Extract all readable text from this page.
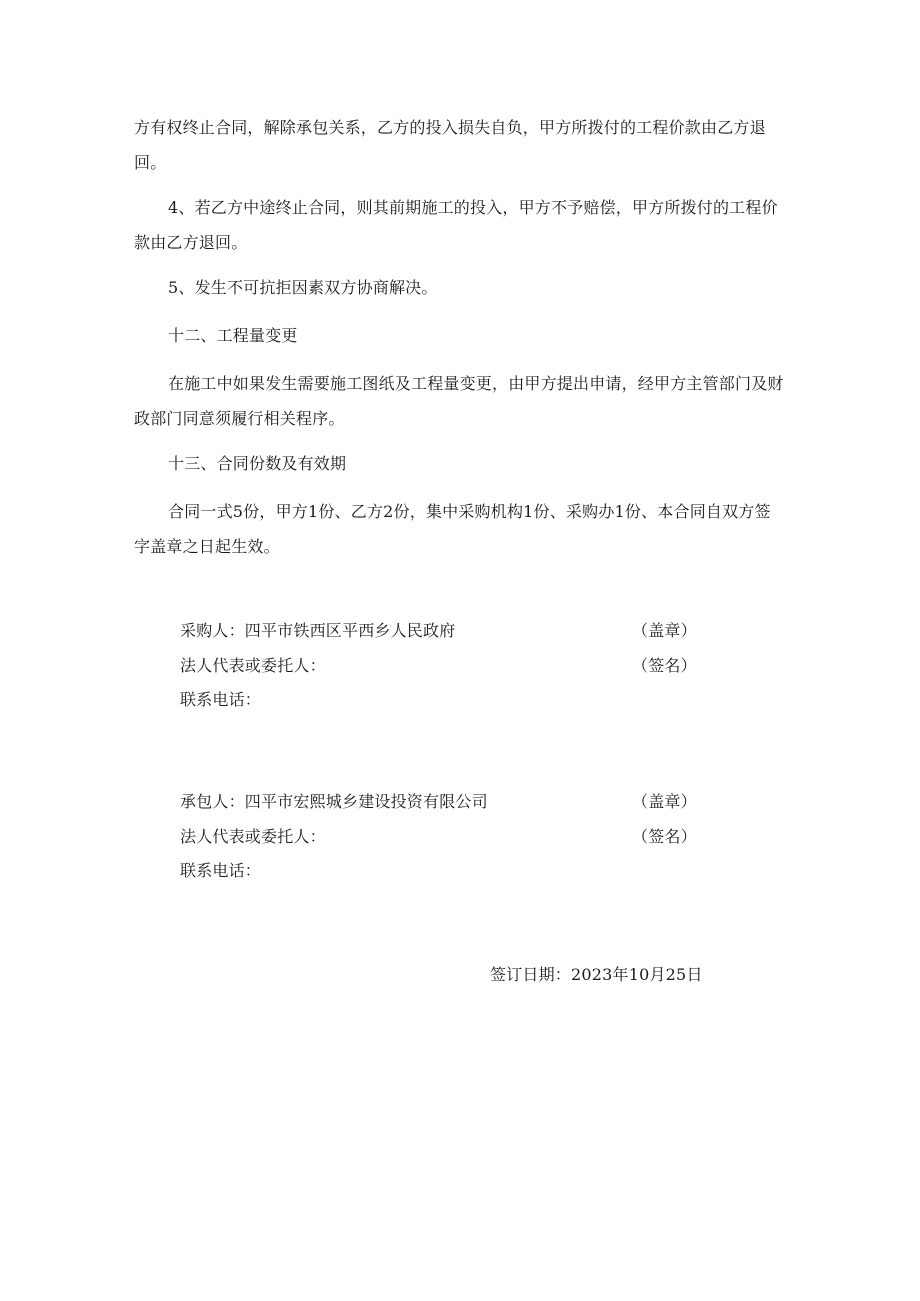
方有权终止合同，解除承包关系，乙方的投入损失自负，甲方所拨付的工程价款由乙方退回。

4、若乙方中途终止合同，则其前期施工的投入，甲方不予赔偿，甲方所拨付的工程价款由乙方退回。

5、发生不可抗拒因素双方协商解决。

十二、工程量变更

在施工中如果发生需要施工图纸及工程量变更，由甲方提出申请，经甲方主管部门及财政部门同意须履行相关程序。

十三、合同份数及有效期

合同一式5份，甲方1份、乙方2份，集中采购机构1份、采购办1份、本合同自双方签字盖章之日起生效。

采购人：四平市铁西区平西乡人民政府	（盖章）
法人代表或委托人：	（签名）
联系电话：
承包人：四平市宏熙城乡建设投资有限公司	（盖章）
法人代表或委托人：	（签名）
联系电话：
签订日期：2023年10月25日
